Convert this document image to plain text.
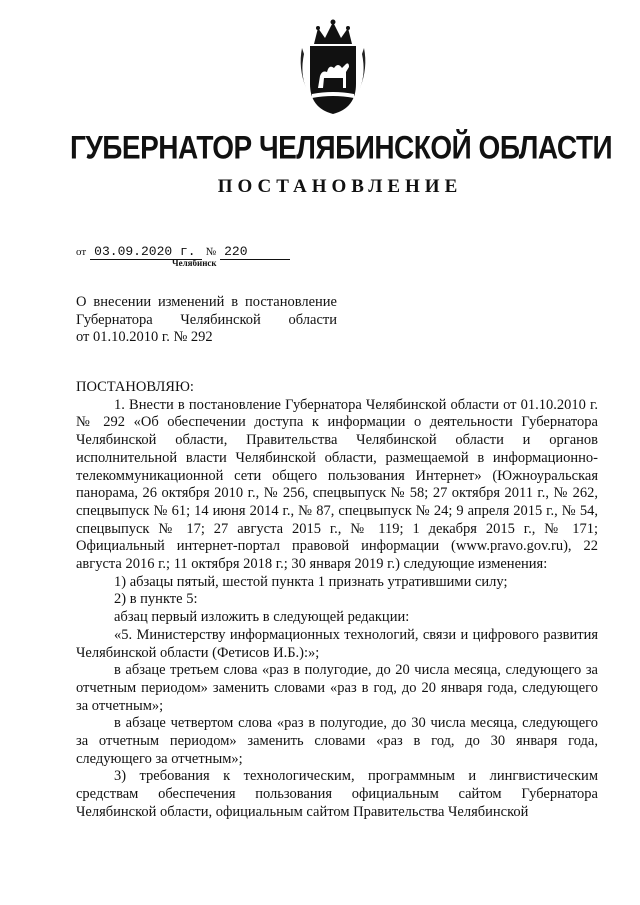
ГУБЕРНАТОР ЧЕЛЯБИНСКОЙ ОБЛАСТИ
ПОСТАНОВЛЕНИЕ
от 03.09.2020 г. № 220
Челябинск
О внесении изменений в постановление
Губернатора Челябинской области
от 01.10.2010 г. № 292

ПОСТАНОВЛЯЮ:

1. Внести в постановление Губернатора Челябинской области от 01.10.2010 г. № 292 «Об обеспечении доступа к информации о деятельности Губернатора Челябинской области, Правительства Челябинской области и органов исполнительной власти Челябинской области, размещаемой в информационно-телекоммуникационной сети общего пользования Интернет» (Южноуральская панорама, 26 октября 2010 г., № 256, спецвыпуск № 58; 27 октября 2011 г., № 262, спецвыпуск № 61; 14 июня 2014 г., № 87, спецвыпуск № 24; 9 апреля 2015 г., № 54, спецвыпуск № 17; 27 августа 2015 г., № 119; 1 декабря 2015 г., № 171; Официальный интернет-портал правовой информации (www.pravo.gov.ru), 22 августа 2016 г.; 11 октября 2018 г.; 30 января 2019 г.) следующие изменения:

1) абзацы пятый, шестой пункта 1 признать утратившими силу;

2) в пункте 5:

абзац первый изложить в следующей редакции:

«5. Министерству информационных технологий, связи и цифрового развития Челябинской области (Фетисов И.Б.):»;

в абзаце третьем слова «раз в полугодие, до 20 числа месяца, следующего за отчетным периодом» заменить словами «раз в год, до 20 января года, следующего за отчетным»;

в абзаце четвертом слова «раз в полугодие, до 30 числа месяца, следующего за отчетным периодом» заменить словами «раз в год, до 30 января года, следующего за отчетным»;

3) требования к технологическим, программным и лингвистическим средствам обеспечения пользования официальным сайтом Губернатора Челябинской области, официальным сайтом Правительства Челябинской
